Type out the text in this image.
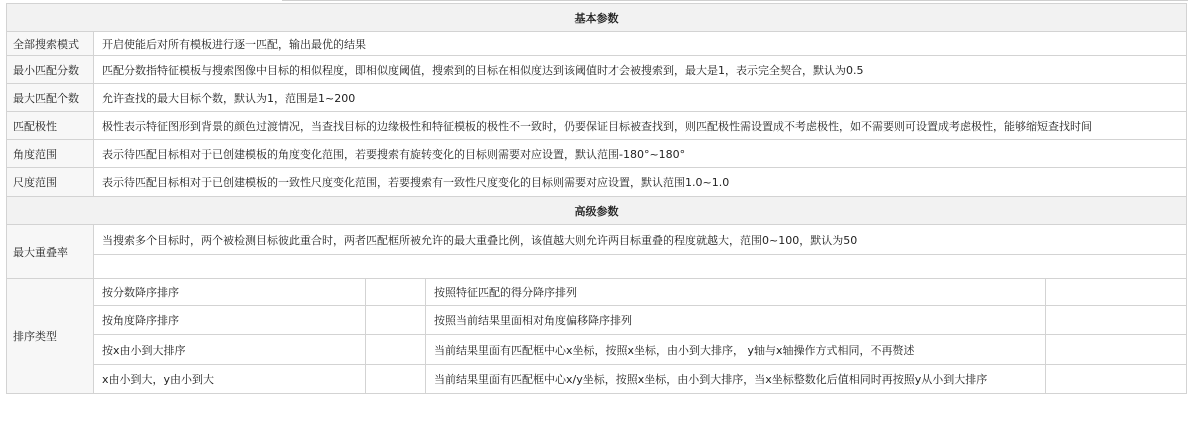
基本参数				
全部搜索模式	开启使能后对所有模板进行逐一匹配，输出最优的结果			
最小匹配分数	匹配分数指特征模板与搜索图像中目标的相似程度，即相似度阈值，搜索到的目标在相似度达到该阈值时才会被搜索到，最大是1，表示完全契合，默认为0.5			
最大匹配个数	允许查找的最大目标个数，默认为1，范围是1~200			
匹配极性	极性表示特征图形到背景的颜色过渡情况，当查找目标的边缘极性和特征模板的极性不一致时，仍要保证目标被查找到，则匹配极性需设置成不考虑极性，如不需要则可设置成考虑极性，能够缩短查找时间			
角度范围	表示待匹配目标相对于已创建模板的角度变化范围，若要搜索有旋转变化的目标则需要对应设置，默认范围-180°~180°			
尺度范围	表示待匹配目标相对于已创建模板的一致性尺度变化范围，若要搜索有一致性尺度变化的目标则需要对应设置，默认范围1.0~1.0			
高级参数				
最大重叠率	当搜索多个目标时，两个被检测目标彼此重合时，两者匹配框所被允许的最大重叠比例，该值越大则允许两目标重叠的程度就越大，范围0~100，默认为50			

排序类型	按分数降序排序		按照特征匹配的得分降序排列	
	按角度降序排序		按照当前结果里面相对角度偏移降序排列	
	按x由小到大排序		当前结果里面有匹配框中心x坐标，按照x坐标，由小到大排序， y轴与x轴操作方式相同，不再赘述	
	x由小到大，y由小到大		当前结果里面有匹配框中心x/y坐标，按照x坐标，由小到大排序，当x坐标整数化后值相同时再按照y从小到大排序	
